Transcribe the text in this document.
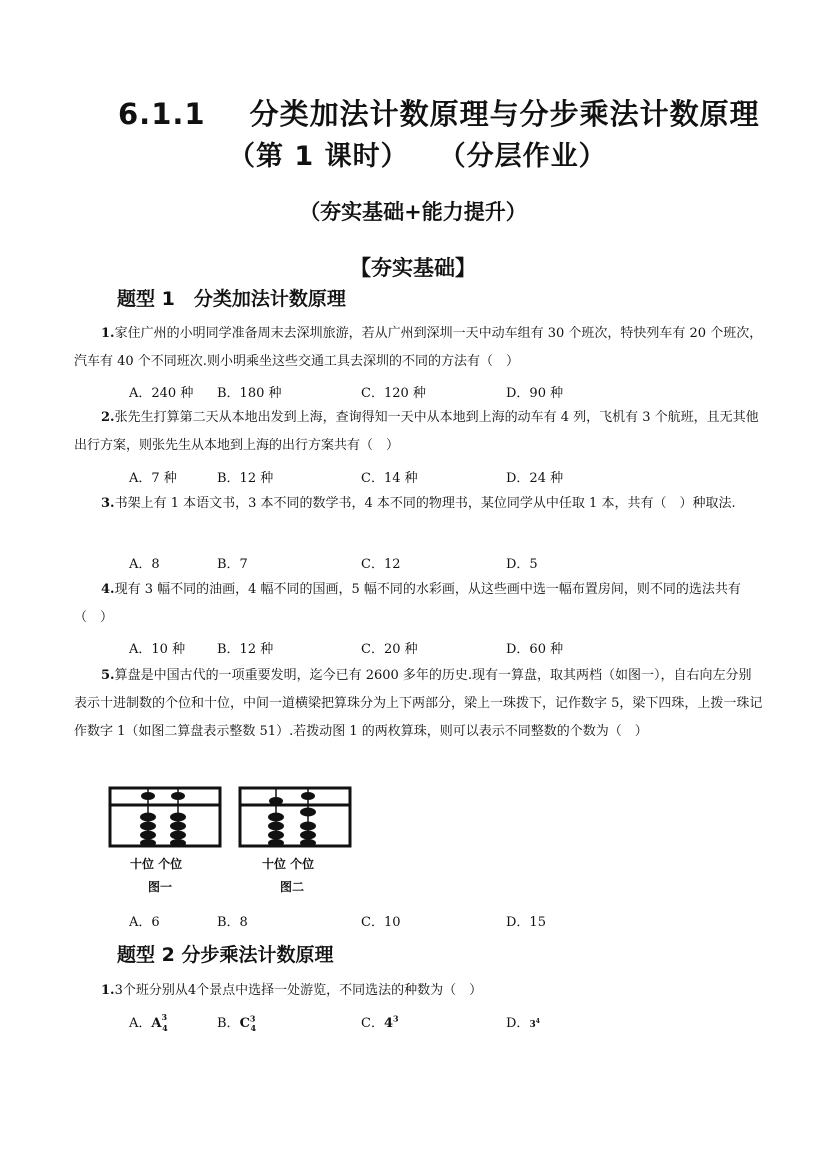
6.1.1 分类加法计数原理与分步乘法计数原理
（第 1 课时） （分层作业）
（夯实基础+能力提升）
【夯实基础】
题型 1　分类加法计数原理
1.家住广州的小明同学准备周末去深圳旅游，若从广州到深圳一天中动车组有 30 个班次，特快列车有 20 个班次，汽车有 40 个不同班次.则小明乘坐这些交通工具去深圳的不同的方法有（　）
A．240 种 B．180 种	C．120 种	D．90 种
2.张先生打算第二天从本地出发到上海，查询得知一天中从本地到上海的动车有 4 列，飞机有 3 个航班，且无其他出行方案，则张先生从本地到上海的出行方案共有（　）
A．7 种	B．12 种	C．14 种	D．24 种
3.书架上有 1 本语文书，3 本不同的数学书，4 本不同的物理书，某位同学从中任取 1 本，共有（　）种取法.
A．8	B．7	C．12	D．5
4.现有 3 幅不同的油画，4 幅不同的国画，5 幅不同的水彩画，从这些画中选一幅布置房间，则不同的选法共有（　）
A．10 种 B．12 种	C．20 种	D．60 种
5.算盘是中国古代的一项重要发明，迄今已有 2600 多年的历史.现有一算盘，取其两档（如图一），自右向左分别表示十进制数的个位和十位，中间一道横梁把算珠分为上下两部分，梁上一珠拨下，记作数字 5，梁下四珠，上拨一珠记作数字 1（如图二算盘表示整数 51）.若拨动图 1 的两枚算珠，则可以表示不同整数的个数为（　）
十位 个位
图一
十位 个位
图二
A．6	B．8	C．10	D．15
题型 2 分步乘法计数原理
1.3个班分别从4个景点中选择一处游览，不同选法的种数为（　）
A．$A^3_4$	B．$C^3_4$	C．$4^3$	D．$3^4$
